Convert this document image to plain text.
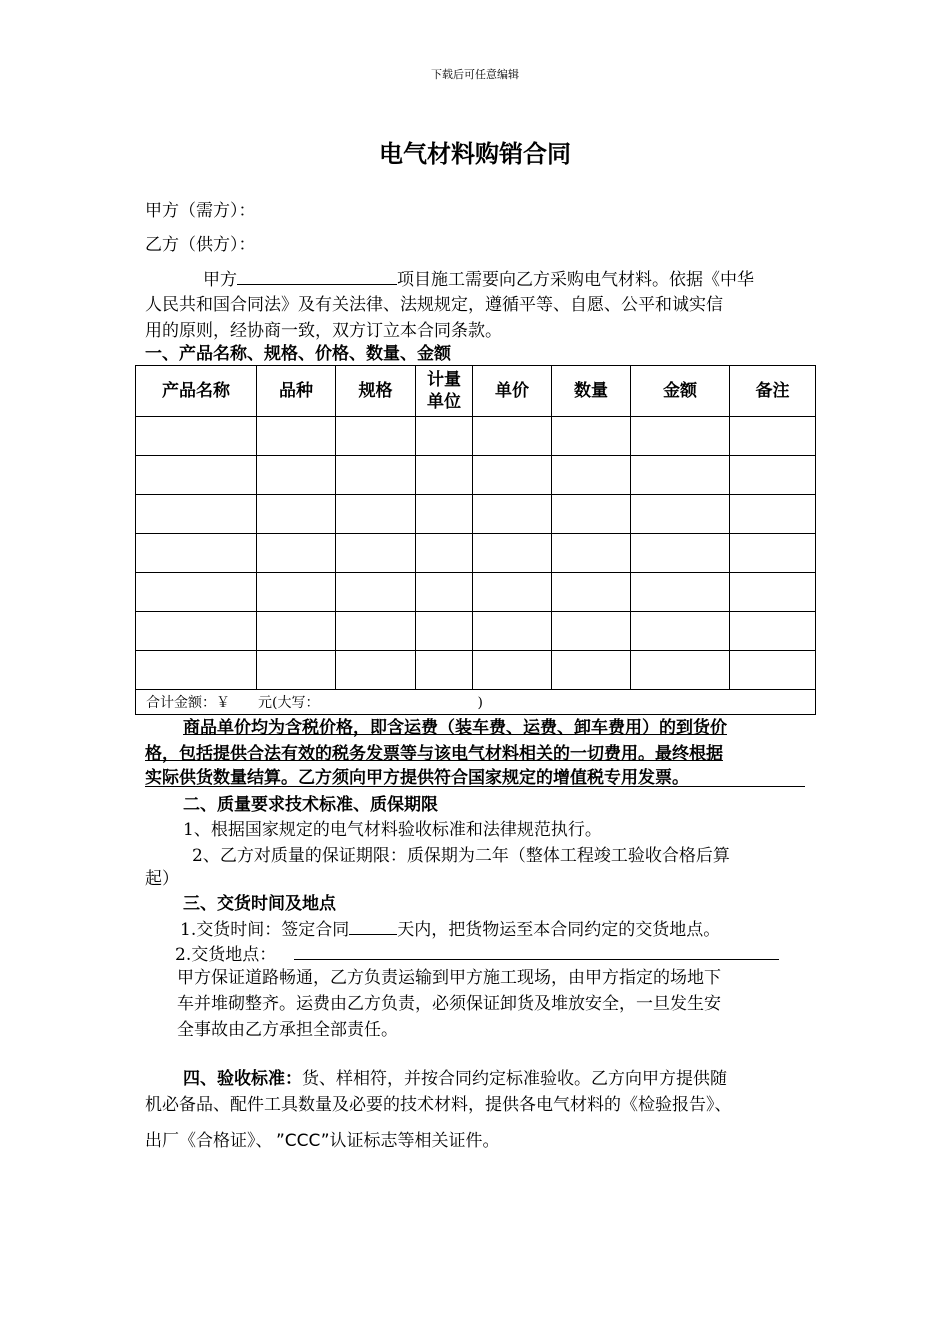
下载后可任意编辑
电气材料购销合同
甲方（需方）：
乙方（供方）：
甲方	项目施工需要向乙方采购电气材料。依据《中华
人民共和国合同法》及有关法律、法规规定，遵循平等、自愿、公平和诚实信
用的原则，经协商一致，双方订立本合同条款。
一、产品名称、规格、价格、数量、金额
产品名称	品种	规格	计量
单位	单价	数量	金额	备注

合计金额：￥ 元(大写： )							
商品单价均为含税价格，即含运费（装车费、运费、卸车费用）的到货价
格，包括提供合法有效的税务发票等与该电气材料相关的一切费用。最终根据
实际供货数量结算。乙方须向甲方提供符合国家规定的增值税专用发票。
二、质量要求技术标准、质保期限
1、根据国家规定的电气材料验收标准和法律规范执行。
2、乙方对质量的保证期限：质保期为二年（整体工程竣工验收合格后算
起）
三、交货时间及地点
1.交货时间：签定合同	天内，把货物运至本合同约定的交货地点。
2.交货地点：
甲方保证道路畅通，乙方负责运输到甲方施工现场，由甲方指定的场地下
车并堆砌整齐。运费由乙方负责，必须保证卸货及堆放安全，一旦发生安
全事故由乙方承担全部责任。
四、验收标准：货、样相符，并按合同约定标准验收。乙方向甲方提供随
机必备品、配件工具数量及必要的技术材料，提供各电气材料的《检验报告》、
出厂《合格证》、 ”CCC”认证标志等相关证件。
